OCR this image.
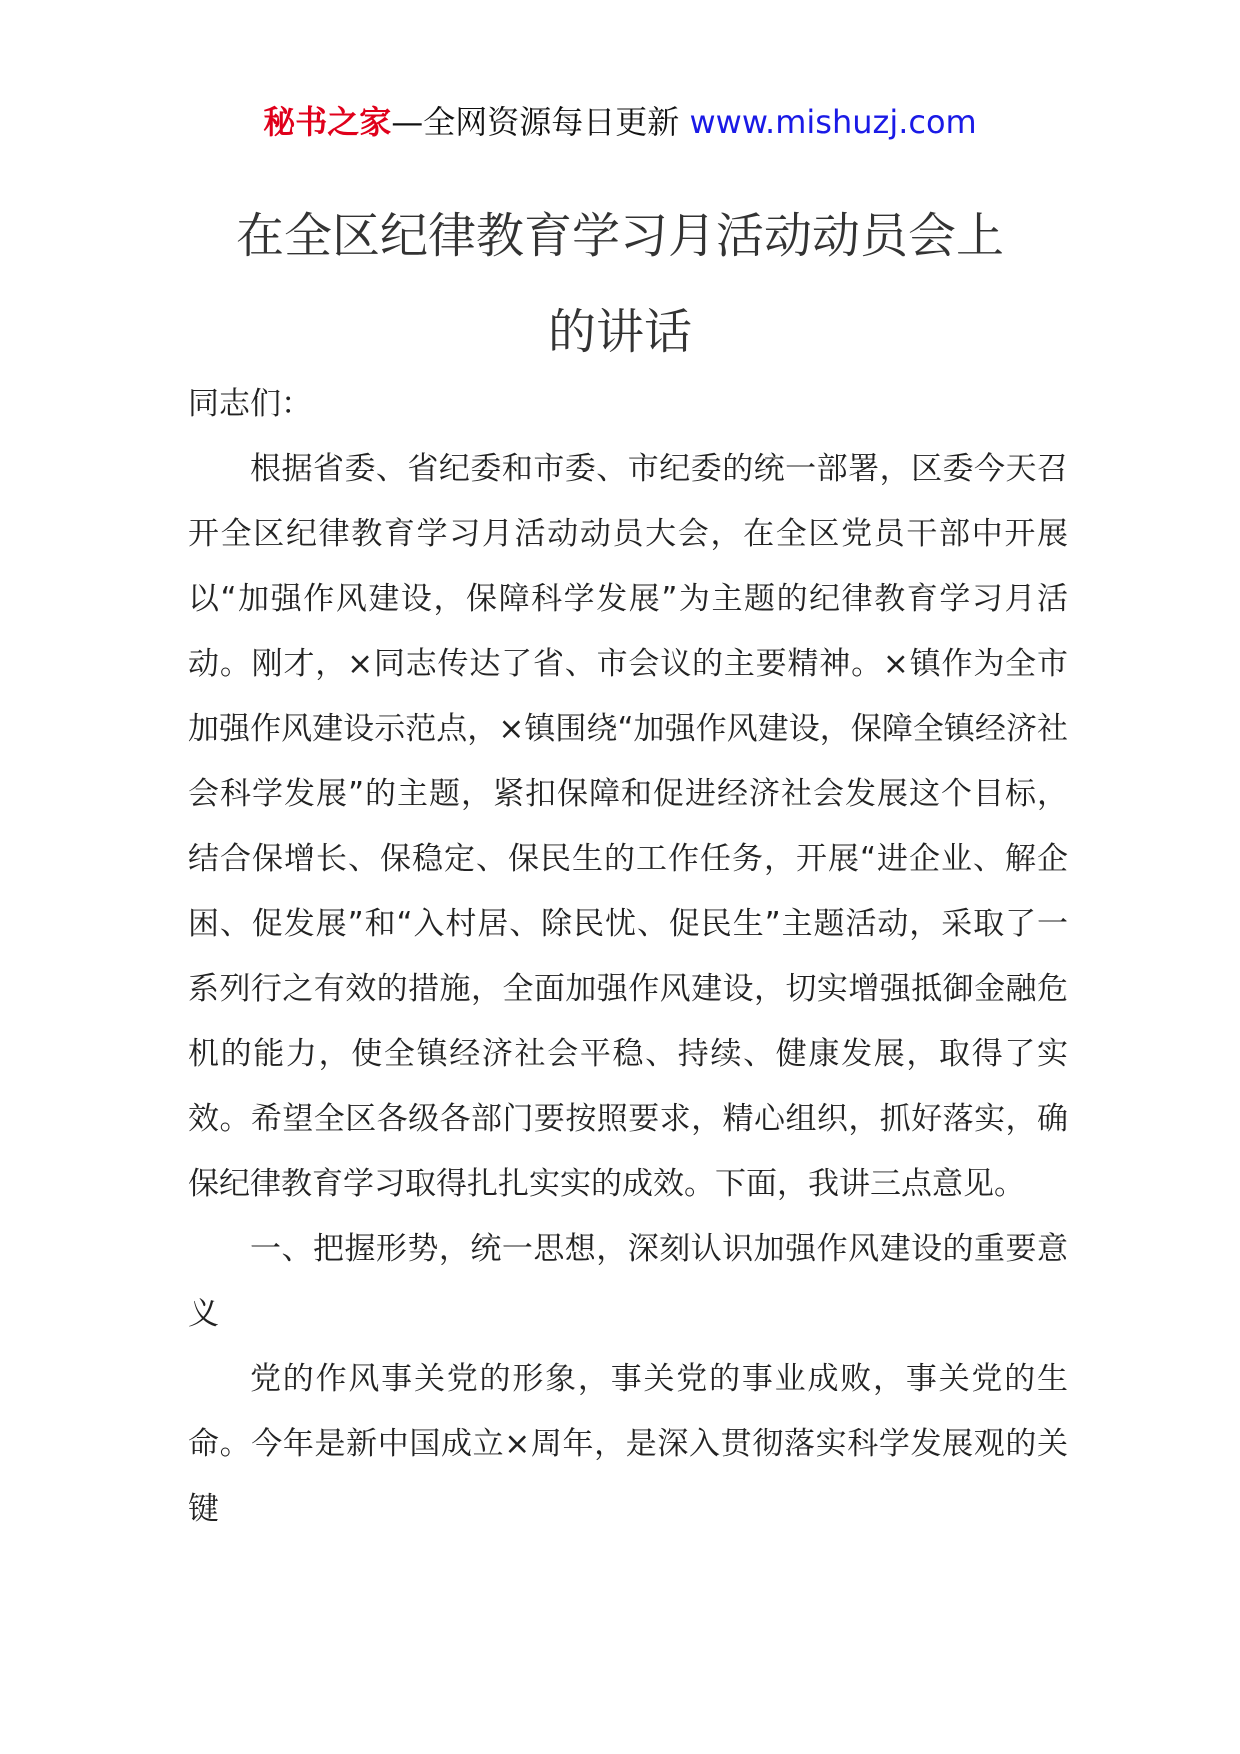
秘书之家—全网资源每日更新 www.mishuzj.com
在全区纪律教育学习月活动动员会上
的讲话

同志们：

根据省委、省纪委和市委、市纪委的统一部署，区委今天召开全区纪律教育学习月活动动员大会，在全区党员干部中开展以“加强作风建设，保障科学发展”为主题的纪律教育学习月活动。刚才，×同志传达了省、市会议的主要精神。×镇作为全市加强作风建设示范点，×镇围绕“加强作风建设，保障全镇经济社会科学发展”的主题，紧扣保障和促进经济社会发展这个目标，结合保增长、保稳定、保民生的工作任务，开展“进企业、解企困、促发展”和“入村居、除民忧、促民生”主题活动，采取了一系列行之有效的措施，全面加强作风建设，切实增强抵御金融危机的能力，使全镇经济社会平稳、持续、健康发展，取得了实效。希望全区各级各部门要按照要求，精心组织，抓好落实，确保纪律教育学习取得扎扎实实的成效。下面，我讲三点意见。

一、把握形势，统一思想，深刻认识加强作风建设的重要意义

党的作风事关党的形象，事关党的事业成败，事关党的生命。今年是新中国成立×周年，是深入贯彻落实科学发展观的关键
